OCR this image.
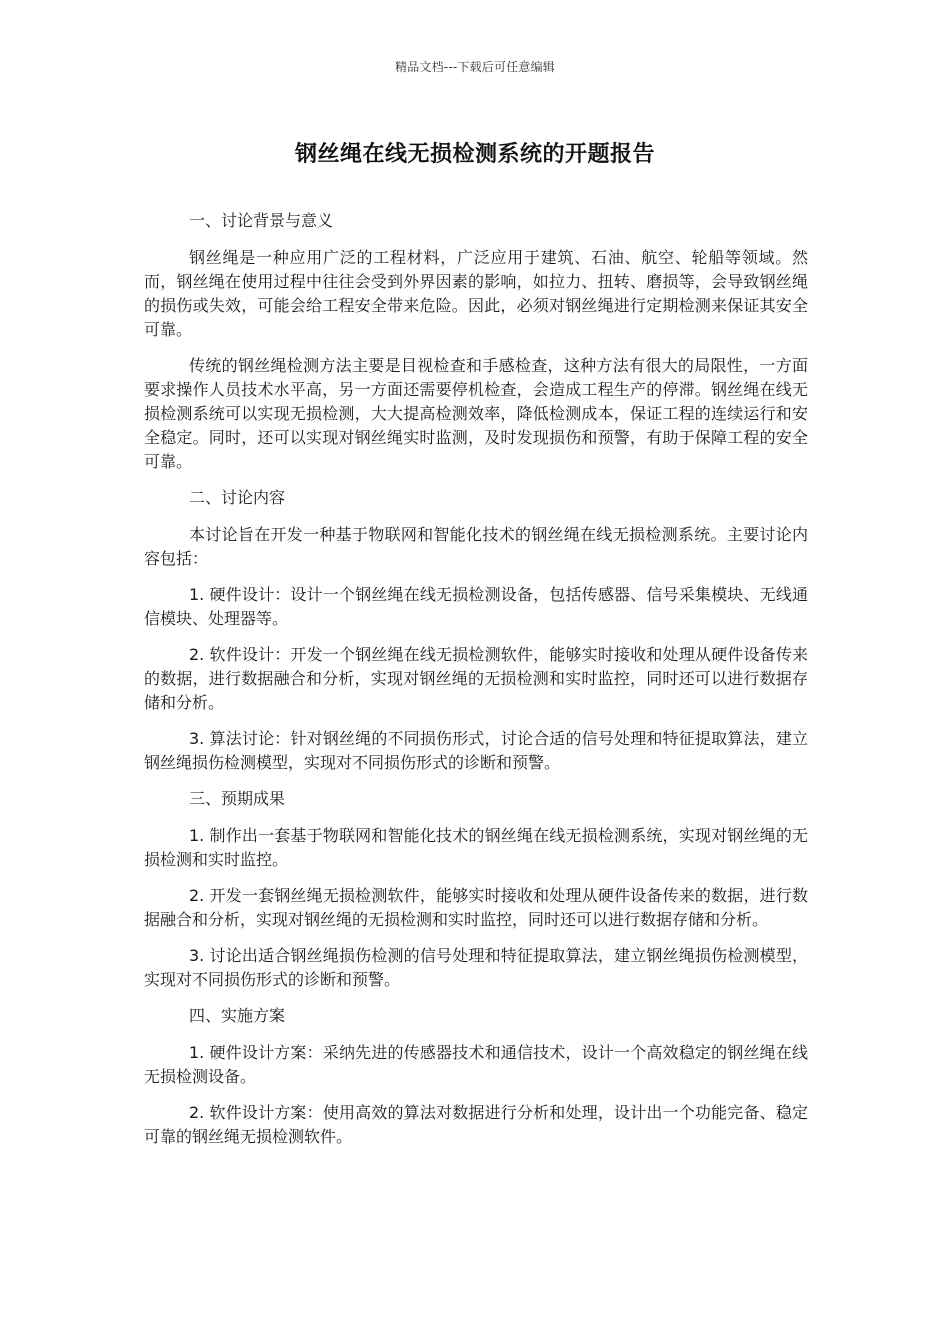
精品文档---下载后可任意编辑
钢丝绳在线无损检测系统的开题报告

一、讨论背景与意义

钢丝绳是一种应用广泛的工程材料，广泛应用于建筑、石油、航空、轮船等领域。然而，钢丝绳在使用过程中往往会受到外界因素的影响，如拉力、扭转、磨损等，会导致钢丝绳的损伤或失效，可能会给工程安全带来危险。因此，必须对钢丝绳进行定期检测来保证其安全可靠。

传统的钢丝绳检测方法主要是目视检查和手感检查，这种方法有很大的局限性，一方面要求操作人员技术水平高，另一方面还需要停机检查，会造成工程生产的停滞。钢丝绳在线无损检测系统可以实现无损检测，大大提高检测效率，降低检测成本，保证工程的连续运行和安全稳定。同时，还可以实现对钢丝绳实时监测，及时发现损伤和预警，有助于保障工程的安全可靠。

二、讨论内容

本讨论旨在开发一种基于物联网和智能化技术的钢丝绳在线无损检测系统。主要讨论内容包括：

1. 硬件设计：设计一个钢丝绳在线无损检测设备，包括传感器、信号采集模块、无线通信模块、处理器等。

2. 软件设计：开发一个钢丝绳在线无损检测软件，能够实时接收和处理从硬件设备传来的数据，进行数据融合和分析，实现对钢丝绳的无损检测和实时监控，同时还可以进行数据存储和分析。

3. 算法讨论：针对钢丝绳的不同损伤形式，讨论合适的信号处理和特征提取算法，建立钢丝绳损伤检测模型，实现对不同损伤形式的诊断和预警。

三、预期成果

1. 制作出一套基于物联网和智能化技术的钢丝绳在线无损检测系统，实现对钢丝绳的无损检测和实时监控。

2. 开发一套钢丝绳无损检测软件，能够实时接收和处理从硬件设备传来的数据，进行数据融合和分析，实现对钢丝绳的无损检测和实时监控，同时还可以进行数据存储和分析。

3. 讨论出适合钢丝绳损伤检测的信号处理和特征提取算法，建立钢丝绳损伤检测模型，实现对不同损伤形式的诊断和预警。

四、实施方案

1. 硬件设计方案：采纳先进的传感器技术和通信技术，设计一个高效稳定的钢丝绳在线无损检测设备。

2. 软件设计方案：使用高效的算法对数据进行分析和处理，设计出一个功能完备、稳定可靠的钢丝绳无损检测软件。
